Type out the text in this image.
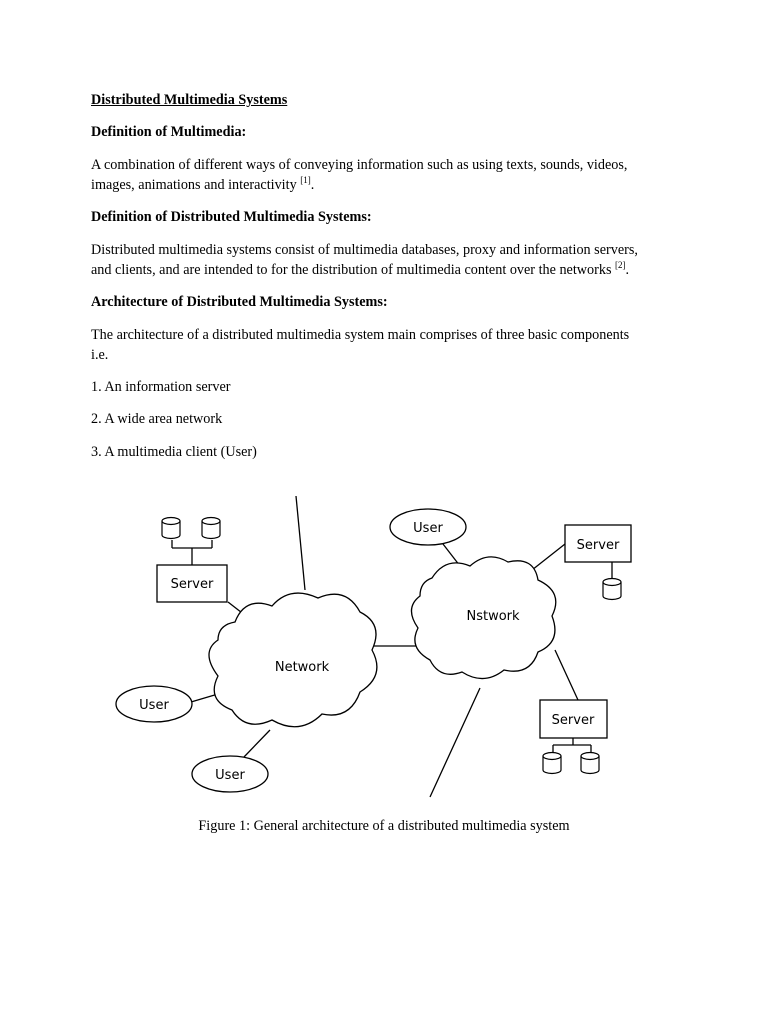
Distributed Multimedia Systems
Definition of Multimedia:
A combination of different ways of conveying information such as using texts, sounds, videos,
images, animations and interactivity [1].
Definition of Distributed Multimedia Systems:
Distributed multimedia systems consist of multimedia databases, proxy and information servers,
and clients, and are intended to for the distribution of multimedia content over the networks [2].
Architecture of Distributed Multimedia Systems:
The architecture of a distributed multimedia system main comprises of three basic components
i.e.
1. An information server
2. A wide area network
3. A multimedia client (User)
Network
Nstwork
Server
Server
Server
User
User
User
Figure 1: General architecture of a distributed multimedia system
